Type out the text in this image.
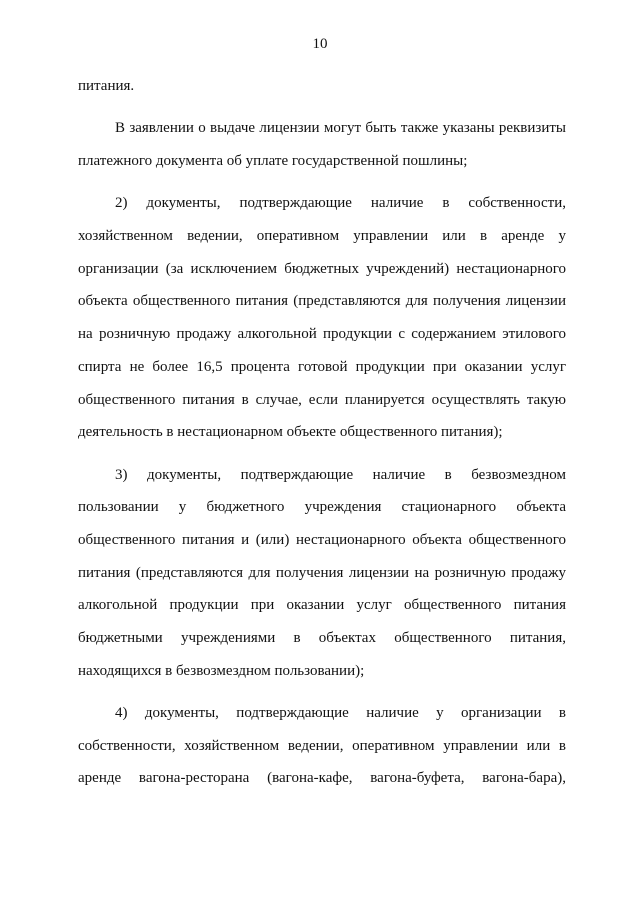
10

питания.

В заявлении о выдаче лицензии могут быть также указаны реквизиты платежного документа об уплате государственной пошлины;

2) документы, подтверждающие наличие в собственности, хозяйственном ведении, оперативном управлении или в аренде у организации (за исключением бюджетных учреждений) нестационарного объекта общественного питания (представляются для получения лицензии на розничную продажу алкогольной продукции с содержанием этилового спирта не более 16,5 процента готовой продукции при оказании услуг общественного питания в случае, если планируется осуществлять такую деятельность в нестационарном объекте общественного питания);

3) документы, подтверждающие наличие в безвозмездном пользовании у бюджетного учреждения стационарного объекта общественного питания и (или) нестационарного объекта общественного питания (представляются для получения лицензии на розничную продажу алкогольной продукции при оказании услуг общественного питания бюджетными учреждениями в объектах общественного питания, находящихся в безвозмездном пользовании);

4) документы, подтверждающие наличие у организации в собственности, хозяйственном ведении, оперативном управлении или в аренде вагона-ресторана (вагона-кафе, вагона-буфета, вагона-бара),
